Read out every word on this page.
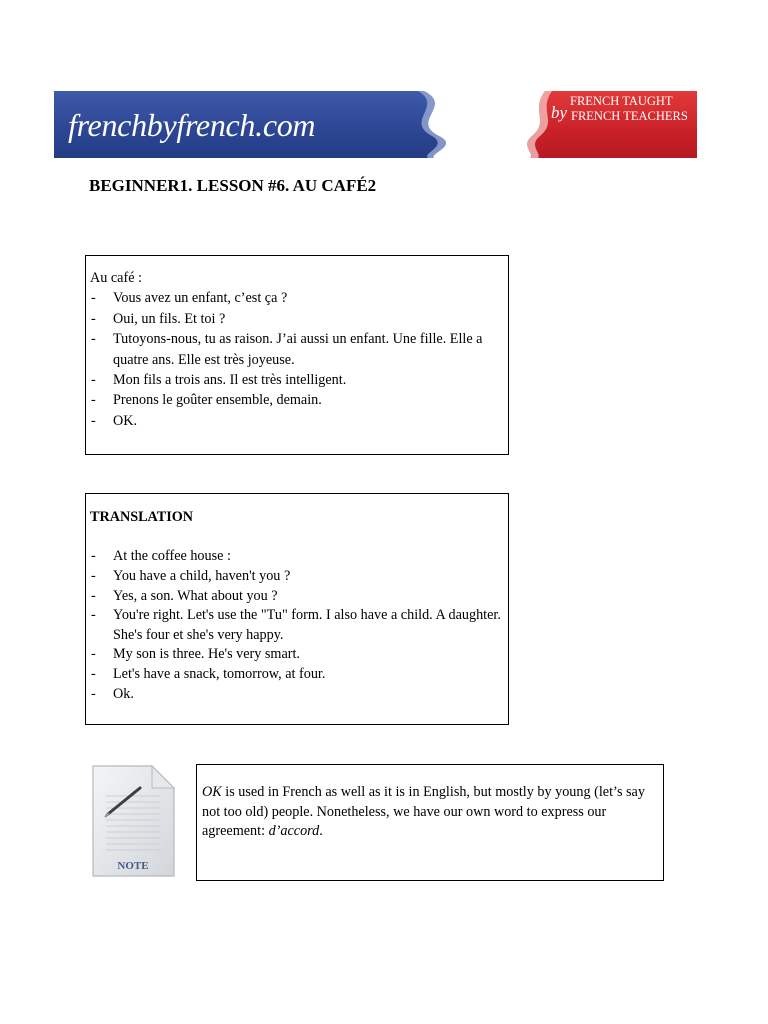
frenchbyfrench.com
FRENCH TAUGHT
by FRENCH TEACHERS
BEGINNER1. LESSON #6. AU CAFÉ2
Au café :
- Vous avez un enfant, c’est ça ?
- Oui, un fils. Et toi ?
- Tutoyons-nous, tu as raison. J’ai aussi un enfant. Une fille. Elle a quatre ans. Elle est très joyeuse.
- Mon fils a trois ans. Il est très intelligent.
- Prenons le goûter ensemble, demain.
- OK.
TRANSLATION
- At the coffee house :
- You have a child, haven't you ?
- Yes, a son. What about you ?
- You're right. Let's use the "Tu" form. I also have a child. A daughter. She's four et she's very happy.
- My son is three. He's very smart.
- Let's have a snack, tomorrow, at four.
- Ok.
NOTE
OK is used in French as well as it is in English, but mostly by young (let’s say not too old) people. Nonetheless, we have our own word to express our agreement: d’accord.
